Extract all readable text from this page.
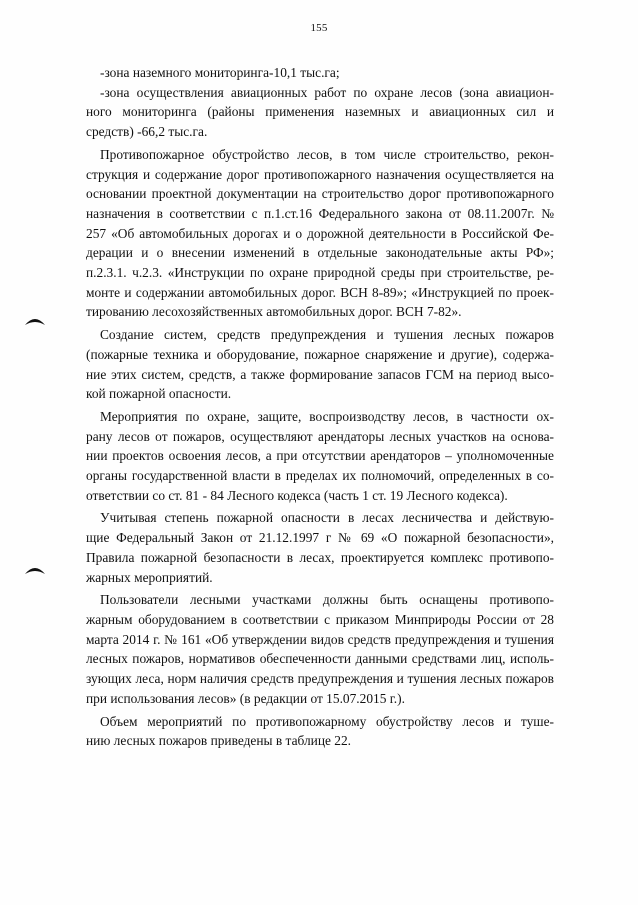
155
-зона наземного мониторинга-10,1 тыс.га;
-зона осуществления авиационных работ по охране лесов (зона авиацион-
ного мониторинга (районы применения наземных и авиационных сил и
средств) -66,2 тыс.га.
Противопожарное обустройство лесов, в том числе строительство, рекон-
струкция и содержание дорог противопожарного назначения осуществляется на
основании проектной документации на строительство дорог противопожарного
назначения в соответствии с п.1.ст.16 Федерального закона от 08.11.2007г. №
257 «Об автомобильных дорогах и о дорожной деятельности в Российской Фе-
дерации и о внесении изменений в отдельные законодательные акты РФ»;
п.2.3.1. ч.2.3. «Инструкции по охране природной среды при строительстве, ре-
монте и содержании автомобильных дорог. ВСН 8-89»; «Инструкцией по проек-
тированию лесохозяйственных автомобильных дорог. ВСН 7-82».
Создание систем, средств предупреждения и тушения лесных пожаров
(пожарные техника и оборудование, пожарное снаряжение и другие), содержа-
ние этих систем, средств, а также формирование запасов ГСМ на период высо-
кой пожарной опасности.
Мероприятия по охране, защите, воспроизводству лесов, в частности ох-
рану лесов от пожаров, осуществляют арендаторы лесных участков на основа-
нии проектов освоения лесов, а при отсутствии арендаторов – уполномоченные
органы государственной власти в пределах их полномочий, определенных в со-
ответствии со ст. 81 - 84 Лесного кодекса (часть 1 ст. 19 Лесного кодекса).
Учитывая степень пожарной опасности в лесах лесничества и действую-
щие Федеральный Закон от 21.12.1997 г № 69 «О пожарной безопасности»,
Правила пожарной безопасности в лесах, проектируется комплекс противопо-
жарных мероприятий.
Пользователи лесными участками должны быть оснащены противопо-
жарным оборудованием в соответствии с приказом Минприроды России от 28
марта 2014 г. № 161 «Об утверждении видов средств предупреждения и тушения
лесных пожаров, нормативов обеспеченности данными средствами лиц, исполь-
зующих леса, норм наличия средств предупреждения и тушения лесных пожаров
при использования лесов» (в редакции от 15.07.2015 г.).
Объем мероприятий по противопожарному обустройству лесов и туше-
нию лесных пожаров приведены в таблице 22.
